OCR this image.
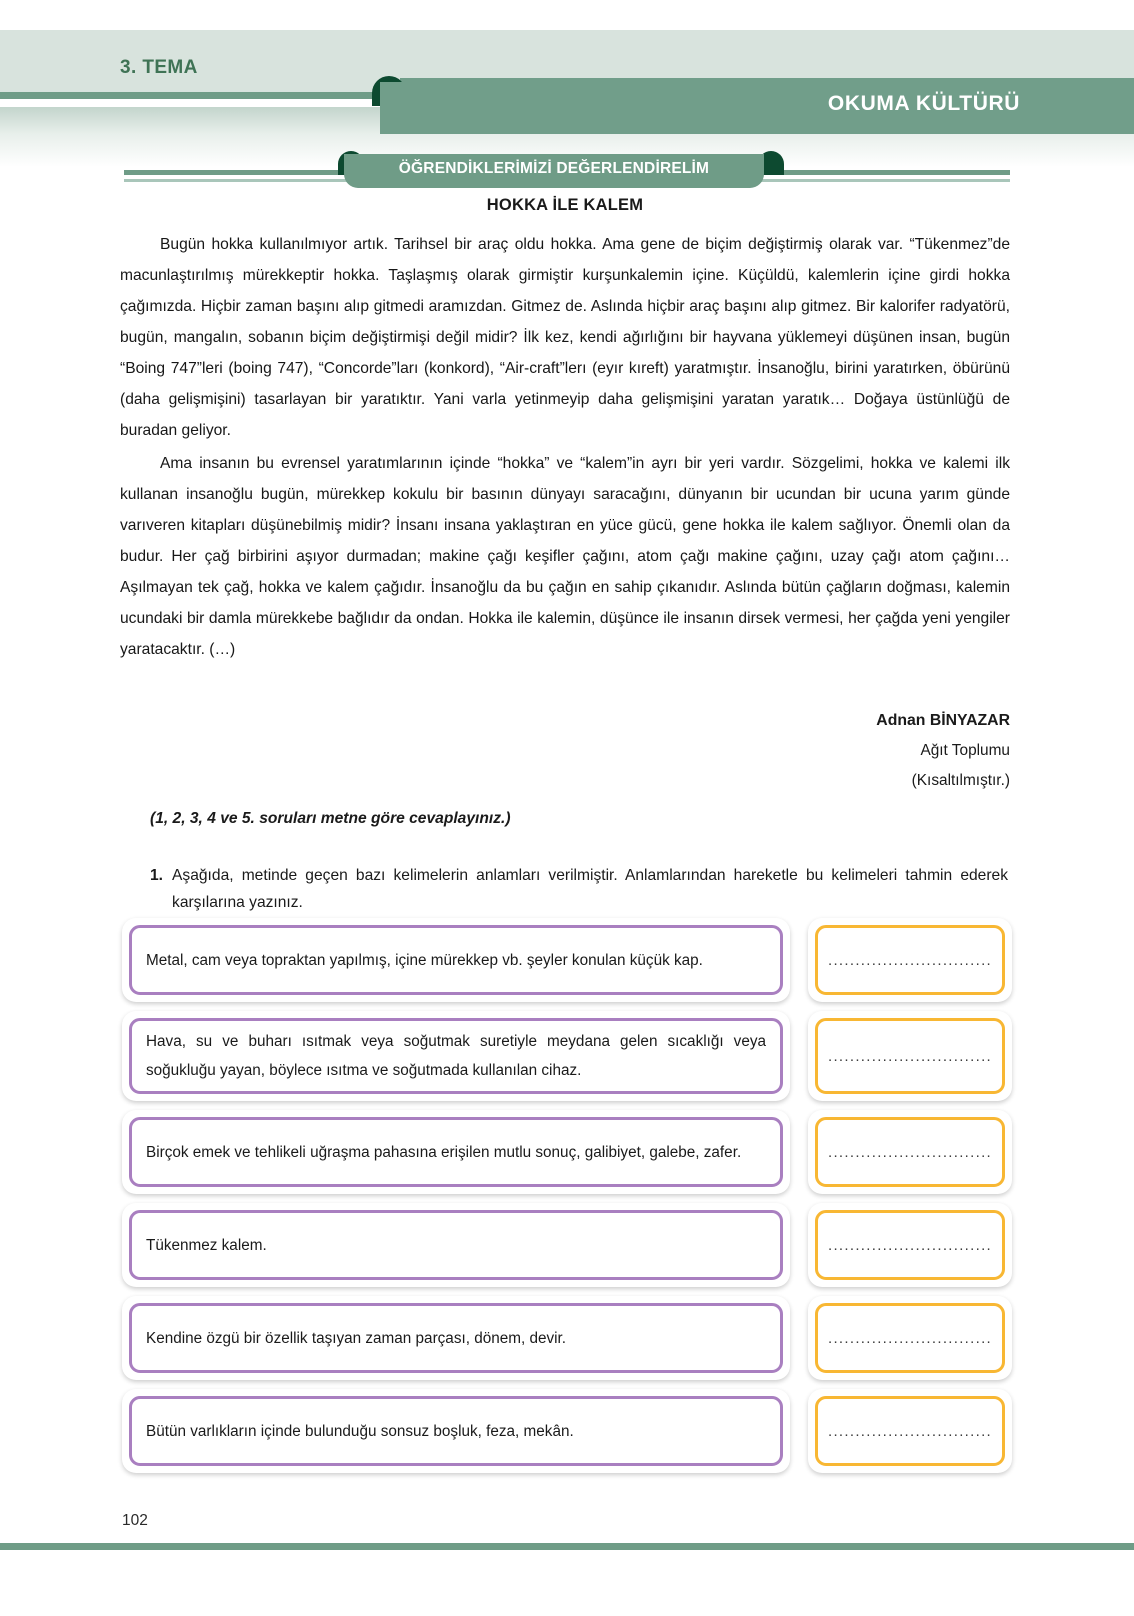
3. TEMA
OKUMA KÜLTÜRÜ
ÖĞRENDİKLERİMİZİ DEĞERLENDİRELİM
HOKKA İLE KALEM

Bugün hokka kullanılmıyor artık. Tarihsel bir araç oldu hokka. Ama gene de biçim değiştirmiş olarak var. “Tükenmez”de macunlaştırılmış mürekkeptir hokka. Taşlaşmış olarak girmiştir kurşunkalemin içine. Küçüldü, kalemlerin içine girdi hokka çağımızda. Hiçbir zaman başını alıp gitmedi aramızdan. Gitmez de. Aslında hiçbir araç başını alıp gitmez. Bir kalorifer radyatörü, bugün, mangalın, sobanın biçim değiştirmişi değil midir? İlk kez, kendi ağırlığını bir hayvana yüklemeyi düşünen insan, bugün “Boing 747”leri (boing 747), “Concorde”ları (konkord), “Air-craft”lerı (eyır kıreft) yaratmıştır. İnsanoğlu, birini yaratırken, öbürünü (daha gelişmişini) tasarlayan bir yaratıktır. Yani varla yetinmeyip daha gelişmişini yaratan yaratık… Doğaya üstünlüğü de buradan geliyor.

Ama insanın bu evrensel yaratımlarının içinde “hokka” ve “kalem”in ayrı bir yeri vardır. Sözgelimi, hokka ve kalemi ilk kullanan insanoğlu bugün, mürekkep kokulu bir basının dünyayı saracağını, dünyanın bir ucundan bir ucuna yarım günde varıveren kitapları düşünebilmiş midir? İnsanı insana yaklaştıran en yüce gücü, gene hokka ile kalem sağlıyor. Önemli olan da budur. Her çağ birbirini aşıyor durmadan; makine çağı keşifler çağını, atom çağı makine çağını, uzay çağı atom çağını… Aşılmayan tek çağ, hokka ve kalem çağıdır. İnsanoğlu da bu çağın en sahip çıkanıdır. Aslında bütün çağların doğması, kalemin ucundaki bir damla mürekkebe bağlıdır da ondan. Hokka ile kalemin, düşünce ile insanın dirsek vermesi, her çağda yeni yengiler yaratacaktır. (…)

Adnan BİNYAZAR
Ağıt Toplumu
(Kısaltılmıştır.)
(1, 2, 3, 4 ve 5. soruları metne göre cevaplayınız.)
1. Aşağıda, metinde geçen bazı kelimelerin anlamları verilmiştir. Anlamlarından hareketle bu kelimeleri tahmin ederek karşılarına yazınız.
Metal, cam veya topraktan yapılmış, içine mürekkep vb. şeyler konulan küçük kap.	..............................
Hava, su ve buharı ısıtmak veya soğutmak suretiyle meydana gelen sıcaklığı veya soğukluğu yayan, böylece ısıtma ve soğutmada kullanılan cihaz.
..............................
Birçok emek ve tehlikeli uğraşma pahasına erişilen mutlu sonuç, galibiyet, galebe, zafer.	..............................
Tükenmez kalem.	..............................
Kendine özgü bir özellik taşıyan zaman parçası, dönem, devir.	..............................
Bütün varlıkların içinde bulunduğu sonsuz boşluk, feza, mekân.	..............................
102
